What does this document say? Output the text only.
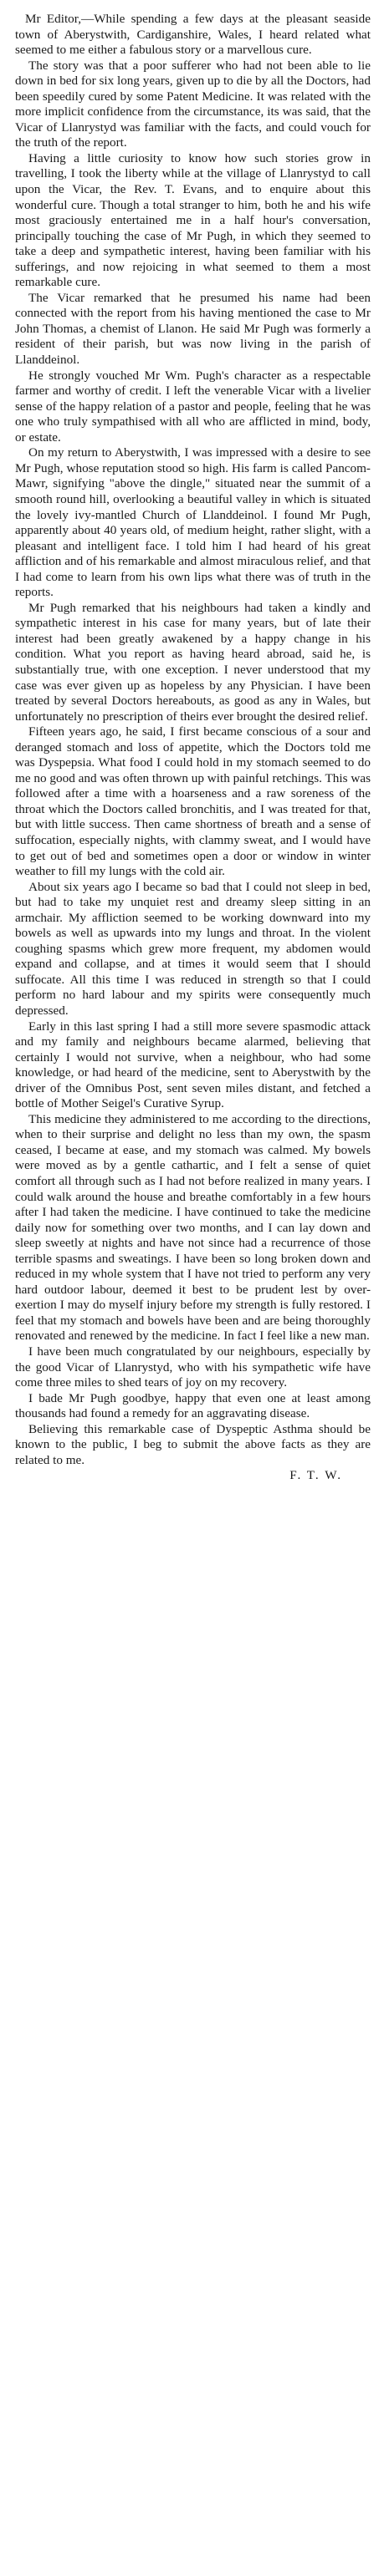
Mr Editor,—While spending a few days at the pleasant seaside town of Aberystwith, Cardiganshire, Wales, I heard related what seemed to me either a fabulous story or a marvellous cure.

The story was that a poor sufferer who had not been able to lie down in bed for six long years, given up to die by all the Doctors, had been speedily cured by some Patent Medicine. It was related with the more implicit confidence from the circumstance, its was said, that the Vicar of Llanrystyd was familiar with the facts, and could vouch for the truth of the report.

Having a little curiosity to know how such stories grow in travelling, I took the liberty while at the village of Llanrystyd to call upon the Vicar, the Rev. T. Evans, and to enquire about this wonderful cure. Though a total stranger to him, both he and his wife most graciously entertained me in a half hour's conversation, principally touching the case of Mr Pugh, in which they seemed to take a deep and sympathetic interest, having been familiar with his sufferings, and now rejoicing in what seemed to them a most remarkable cure.

The Vicar remarked that he presumed his name had been connected with the report from his having mentioned the case to Mr John Thomas, a chemist of Llanon. He said Mr Pugh was formerly a resident of their parish, but was now living in the parish of Llanddeinol.

He strongly vouched Mr Wm. Pugh's character as a respectable farmer and worthy of credit. I left the venerable Vicar with a livelier sense of the happy relation of a pastor and people, feeling that he was one who truly sympathised with all who are afflicted in mind, body, or estate.

On my return to Aberystwith, I was impressed with a desire to see Mr Pugh, whose reputation stood so high. His farm is called Pancom-Mawr, signifying "above the dingle," situated near the summit of a smooth round hill, overlooking a beautiful valley in which is situated the lovely ivy-mantled Church of Llanddeinol. I found Mr Pugh, apparently about 40 years old, of medium height, rather slight, with a pleasant and intelligent face. I told him I had heard of his great affliction and of his remarkable and almost miraculous relief, and that I had come to learn from his own lips what there was of truth in the reports.

Mr Pugh remarked that his neighbours had taken a kindly and sympathetic interest in his case for many years, but of late their interest had been greatly awakened by a happy change in his condition. What you report as having heard abroad, said he, is substantially true, with one exception. I never understood that my case was ever given up as hopeless by any Physician. I have been treated by several Doctors hereabouts, as good as any in Wales, but unfortunately no prescription of theirs ever brought the desired relief.

Fifteen years ago, he said, I first became conscious of a sour and deranged stomach and loss of appetite, which the Doctors told me was Dyspepsia. What food I could hold in my stomach seemed to do me no good and was often thrown up with painful retchings. This was followed after a time with a hoarseness and a raw soreness of the throat which the Doctors called bronchitis, and I was treated for that, but with little success. Then came shortness of breath and a sense of suffocation, especially nights, with clammy sweat, and I would have to get out of bed and sometimes open a door or window in winter weather to fill my lungs with the cold air.

About six years ago I became so bad that I could not sleep in bed, but had to take my unquiet rest and dreamy sleep sitting in an armchair. My affliction seemed to be working downward into my bowels as well as upwards into my lungs and throat. In the violent coughing spasms which grew more frequent, my abdomen would expand and collapse, and at times it would seem that I should suffocate. All this time I was reduced in strength so that I could perform no hard labour and my spirits were consequently much depressed.

Early in this last spring I had a still more severe spasmodic attack and my family and neighbours became alarmed, believing that certainly I would not survive, when a neighbour, who had some knowledge, or had heard of the medicine, sent to Aberystwith by the driver of the Omnibus Post, sent seven miles distant, and fetched a bottle of Mother Seigel's Curative Syrup.

This medicine they administered to me according to the directions, when to their surprise and delight no less than my own, the spasm ceased, I became at ease, and my stomach was calmed. My bowels were moved as by a gentle cathartic, and I felt a sense of quiet comfort all through such as I had not before realized in many years. I could walk around the house and breathe comfortably in a few hours after I had taken the medicine. I have continued to take the medicine daily now for something over two months, and I can lay down and sleep sweetly at nights and have not since had a recurrence of those terrible spasms and sweatings. I have been so long broken down and reduced in my whole system that I have not tried to perform any very hard outdoor labour, deemed it best to be prudent lest by over-exertion I may do myself injury before my strength is fully restored. I feel that my stomach and bowels have been and are being thoroughly renovated and renewed by the medicine. In fact I feel like a new man.

I have been much congratulated by our neighbours, especially by the good Vicar of Llanrystyd, who with his sympathetic wife have come three miles to shed tears of joy on my recovery.

I bade Mr Pugh goodbye, happy that even one at least among thousands had found a remedy for an aggravating disease.

Believing this remarkable case of Dyspeptic Asthma should be known to the public, I beg to submit the above facts as they are related to me.

F. T. W.
